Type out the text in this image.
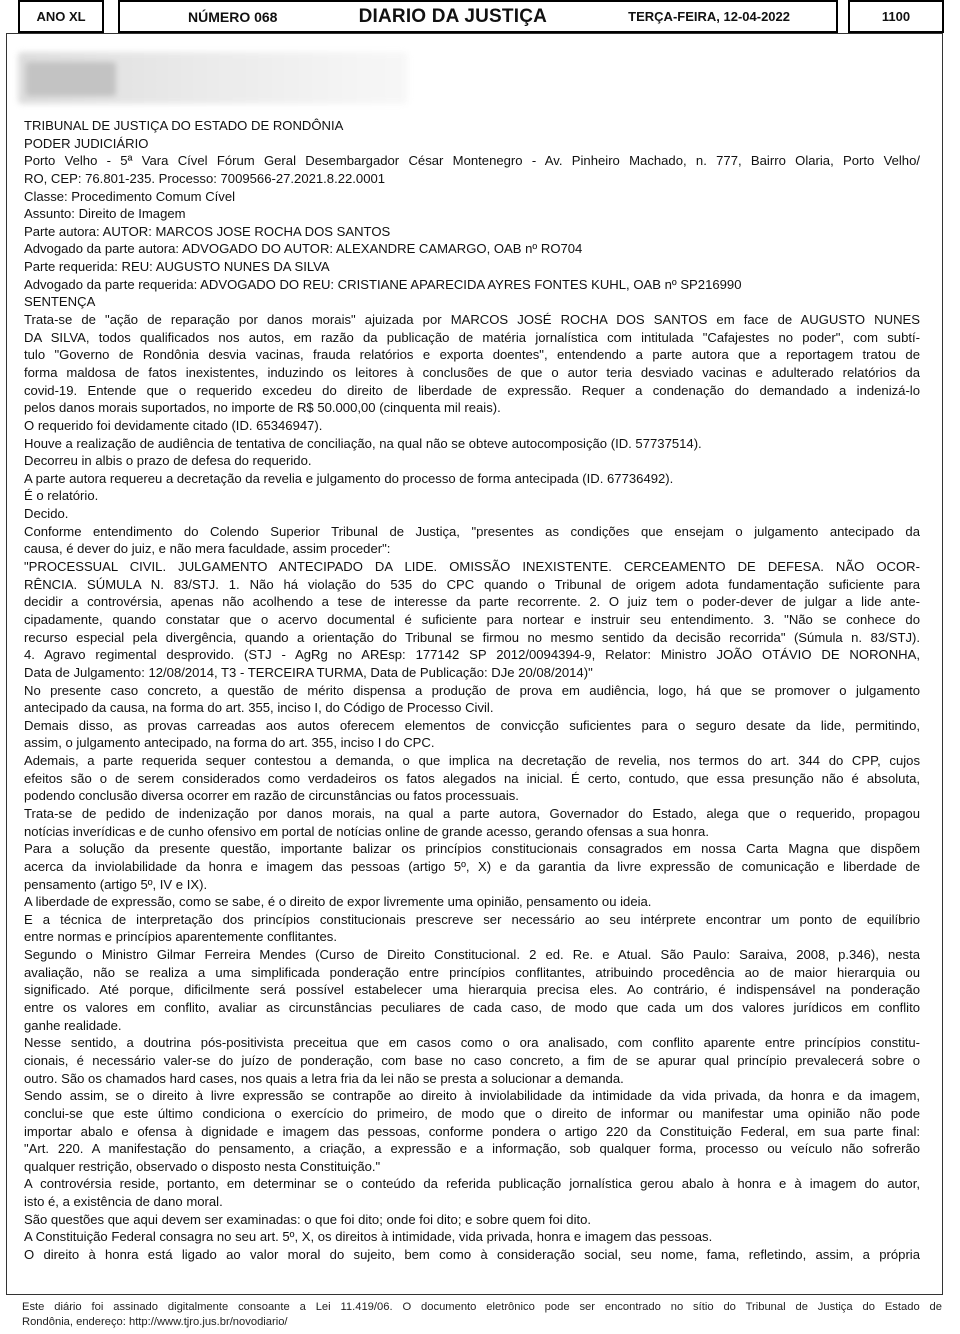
ANO XL	NÚMERO 068	DIARIO DA JUSTIÇA	TERÇA-FEIRA, 12-04-2022	1100
TRIBUNAL DE JUSTIÇA DO ESTADO DE RONDÔNIA
PODER JUDICIÁRIO
Porto Velho - 5ª Vara Cível Fórum Geral Desembargador César Montenegro - Av. Pinheiro Machado, n. 777, Bairro Olaria, Porto Velho/
RO, CEP: 76.801-235. Processo: 7009566-27.2021.8.22.0001
Classe: Procedimento Comum Cível
Assunto: Direito de Imagem
Parte autora: AUTOR: MARCOS JOSE ROCHA DOS SANTOS
Advogado da parte autora: ADVOGADO DO AUTOR: ALEXANDRE CAMARGO, OAB nº RO704
Parte requerida: REU: AUGUSTO NUNES DA SILVA
Advogado da parte requerida: ADVOGADO DO REU: CRISTIANE APARECIDA AYRES FONTES KUHL, OAB nº SP216990
SENTENÇA
Trata-se de "ação de reparação por danos morais" ajuizada por MARCOS JOSÉ ROCHA DOS SANTOS em face de AUGUSTO NUNES
DA SILVA, todos qualificados nos autos, em razão da publicação de matéria jornalística com intitulada "Cafajestes no poder", com subtí-
tulo "Governo de Rondônia desvia vacinas, frauda relatórios e exporta doentes", entendendo a parte autora que a reportagem tratou de
forma maldosa de fatos inexistentes, induzindo os leitores à conclusões de que o autor teria desviado vacinas e adulterado relatórios da
covid-19. Entende que o requerido excedeu do direito de liberdade de expressão. Requer a condenação do demandado a indenizá-lo
pelos danos morais suportados, no importe de R$ 50.000,00 (cinquenta mil reais).
O requerido foi devidamente citado (ID. 65346947).
Houve a realização de audiência de tentativa de conciliação, na qual não se obteve autocomposição (ID. 57737514).
Decorreu in albis o prazo de defesa do requerido.
A parte autora requereu a decretação da revelia e julgamento do processo de forma antecipada (ID. 67736492).
É o relatório.
Decido.
Conforme entendimento do Colendo Superior Tribunal de Justiça, "presentes as condições que ensejam o julgamento antecipado da
causa, é dever do juiz, e não mera faculdade, assim proceder":
"PROCESSUAL CIVIL. JULGAMENTO ANTECIPADO DA LIDE. OMISSÃO INEXISTENTE. CERCEAMENTO DE DEFESA. NÃO OCOR-
RÊNCIA. SÚMULA N. 83/STJ. 1. Não há violação do 535 do CPC quando o Tribunal de origem adota fundamentação suficiente para
decidir a controvérsia, apenas não acolhendo a tese de interesse da parte recorrente. 2. O juiz tem o poder-dever de julgar a lide ante-
cipadamente, quando constatar que o acervo documental é suficiente para nortear e instruir seu entendimento. 3. "Não se conhece do
recurso especial pela divergência, quando a orientação do Tribunal se firmou no mesmo sentido da decisão recorrida" (Súmula n. 83/STJ).
4. Agravo regimental desprovido. (STJ - AgRg no AREsp: 177142 SP 2012/0094394-9, Relator: Ministro JOÃO OTÁVIO DE NORONHA,
Data de Julgamento: 12/08/2014, T3 - TERCEIRA TURMA, Data de Publicação: DJe 20/08/2014)"
No presente caso concreto, a questão de mérito dispensa a produção de prova em audiência, logo, há que se promover o julgamento
antecipado da causa, na forma do art. 355, inciso I, do Código de Processo Civil.
Demais disso, as provas carreadas aos autos oferecem elementos de convicção suficientes para o seguro desate da lide, permitindo,
assim, o julgamento antecipado, na forma do art. 355, inciso I do CPC.
Ademais, a parte requerida sequer contestou a demanda, o que implica na decretação de revelia, nos termos do art. 344 do CPP, cujos
efeitos são o de serem considerados como verdadeiros os fatos alegados na inicial. É certo, contudo, que essa presunção não é absoluta,
podendo conclusão diversa ocorrer em razão de circunstâncias ou fatos processuais.
Trata-se de pedido de indenização por danos morais, na qual a parte autora, Governador do Estado, alega que o requerido, propagou
notícias inverídicas e de cunho ofensivo em portal de notícias online de grande acesso, gerando ofensas a sua honra.
Para a solução da presente questão, importante balizar os princípios constitucionais consagrados em nossa Carta Magna que dispõem
acerca da inviolabilidade da honra e imagem das pessoas (artigo 5º, X) e da garantia da livre expressão de comunicação e liberdade de
pensamento (artigo 5º, IV e IX).
A liberdade de expressão, como se sabe, é o direito de expor livremente uma opinião, pensamento ou ideia.
E a técnica de interpretação dos princípios constitucionais prescreve ser necessário ao seu intérprete encontrar um ponto de equilíbrio
entre normas e princípios aparentemente conflitantes.
Segundo o Ministro Gilmar Ferreira Mendes (Curso de Direito Constitucional. 2 ed. Re. e Atual. São Paulo: Saraiva, 2008, p.346), nesta
avaliação, não se realiza a uma simplificada ponderação entre princípios conflitantes, atribuindo procedência ao de maior hierarquia ou
significado. Até porque, dificilmente será possível estabelecer uma hierarquia precisa eles. Ao contrário, é indispensável na ponderação
entre os valores em conflito, avaliar as circunstâncias peculiares de cada caso, de modo que cada um dos valores jurídicos em conflito
ganhe realidade.
Nesse sentido, a doutrina pós-positivista preceitua que em casos como o ora analisado, com conflito aparente entre princípios constitu-
cionais, é necessário valer-se do juízo de ponderação, com base no caso concreto, a fim de se apurar qual princípio prevalecerá sobre o
outro. São os chamados hard cases, nos quais a letra fria da lei não se presta a solucionar a demanda.
Sendo assim, se o direito à livre expressão se contrapõe ao direito à inviolabilidade da intimidade da vida privada, da honra e da imagem,
conclui-se que este último condiciona o exercício do primeiro, de modo que o direito de informar ou manifestar uma opinião não pode
importar abalo e ofensa à dignidade e imagem das pessoas, conforme pondera o artigo 220 da Constituição Federal, em sua parte final:
"Art. 220. A manifestação do pensamento, a criação, a expressão e a informação, sob qualquer forma, processo ou veículo não sofrerão
qualquer restrição, observado o disposto nesta Constituição."
A controvérsia reside, portanto, em determinar se o conteúdo da referida publicação jornalística gerou abalo à honra e à imagem do autor,
isto é, a existência de dano moral.
São questões que aqui devem ser examinadas: o que foi dito; onde foi dito; e sobre quem foi dito.
A Constituição Federal consagra no seu art. 5º, X, os direitos à intimidade, vida privada, honra e imagem das pessoas.
O direito à honra está ligado ao valor moral do sujeito, bem como à consideração social, seu nome, fama, refletindo, assim, a própria
Este diário foi assinado digitalmente consoante a Lei 11.419/06. O documento eletrônico pode ser encontrado no sítio do Tribunal de Justiça do Estado de
Rondônia, endereço: http://www.tjro.jus.br/novodiario/
